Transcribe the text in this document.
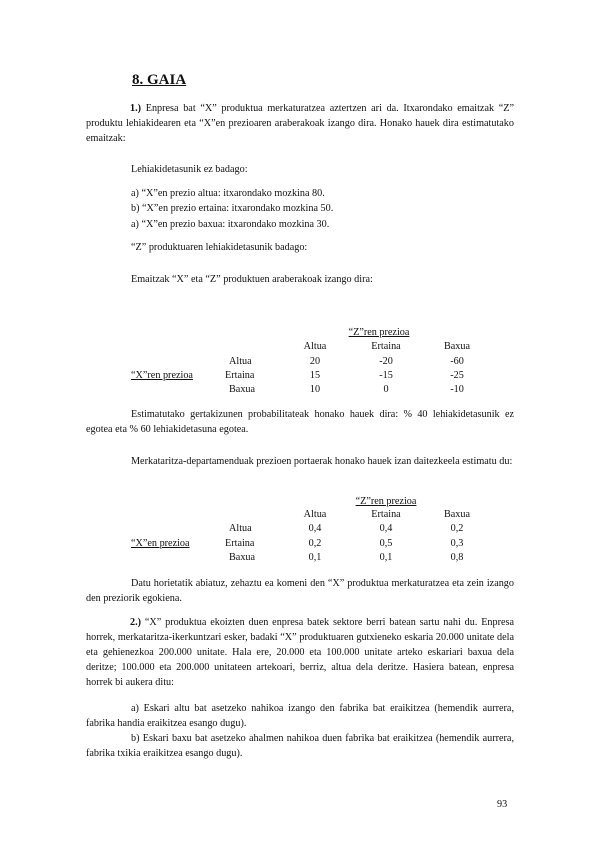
8. GAIA
1.) Enpresa bat “X” produktua merkaturatzea aztertzen ari da. Itxarondako emaitzak “Z” produktu lehiakidearen eta “X”en prezioaren araberakoak izango dira. Honako hauek dira estimatutako emaitzak:
Lehiakidetasunik ez badago:
a) “X”en prezio altua: itxarondako mozkina 80.
b) “X”en prezio ertaina: itxarondako mozkina 50.
a) “X”en prezio baxua: itxarondako mozkina 30.
“Z” produktuaren lehiakidetasunik badago:
Emaitzak “X” eta “Z” produktuen araberakoak izango dira:
“Z”ren prezioa
Altua	Ertaina	Baxua
“X”ren prezioa
Altua	20	-20	-60
Ertaina	15	-15	-25
Baxua	10	0	-10
Estimatutako gertakizunen probabilitateak honako hauek dira: % 40 lehiakidetasunik ez egotea eta % 60 lehiakidetasuna egotea.
Merkataritza-departamenduak prezioen portaerak honako hauek izan daitezkeela estimatu du:
“Z”ren prezioa
Altua	Ertaina	Baxua
“X”en prezioa
Altua	0,4	0,4	0,2
Ertaina	0,2	0,5	0,3
Baxua	0,1	0,1	0,8
Datu horietatik abiatuz, zehaztu ea komeni den “X” produktua merkaturatzea eta zein izango den preziorik egokiena.
2.) “X” produktua ekoizten duen enpresa batek sektore berri batean sartu nahi du. Enpresa horrek, merkataritza-ikerkuntzari esker, badaki “X” produktuaren gutxieneko eskaria 20.000 unitate dela eta gehienezkoa 200.000 unitate. Hala ere, 20.000 eta 100.000 unitate arteko eskariari baxua dela deritze; 100.000 eta 200.000 unitateen artekoari, berriz, altua dela deritze. Hasiera batean, enpresa horrek bi aukera ditu:
a) Eskari altu bat asetzeko nahikoa izango den fabrika bat eraikitzea (hemendik aurrera, fabrika handia eraikitzea esango dugu).
b) Eskari baxu bat asetzeko ahalmen nahikoa duen fabrika bat eraikitzea (hemendik aurrera, fabrika txikia eraikitzea esango dugu).
93
